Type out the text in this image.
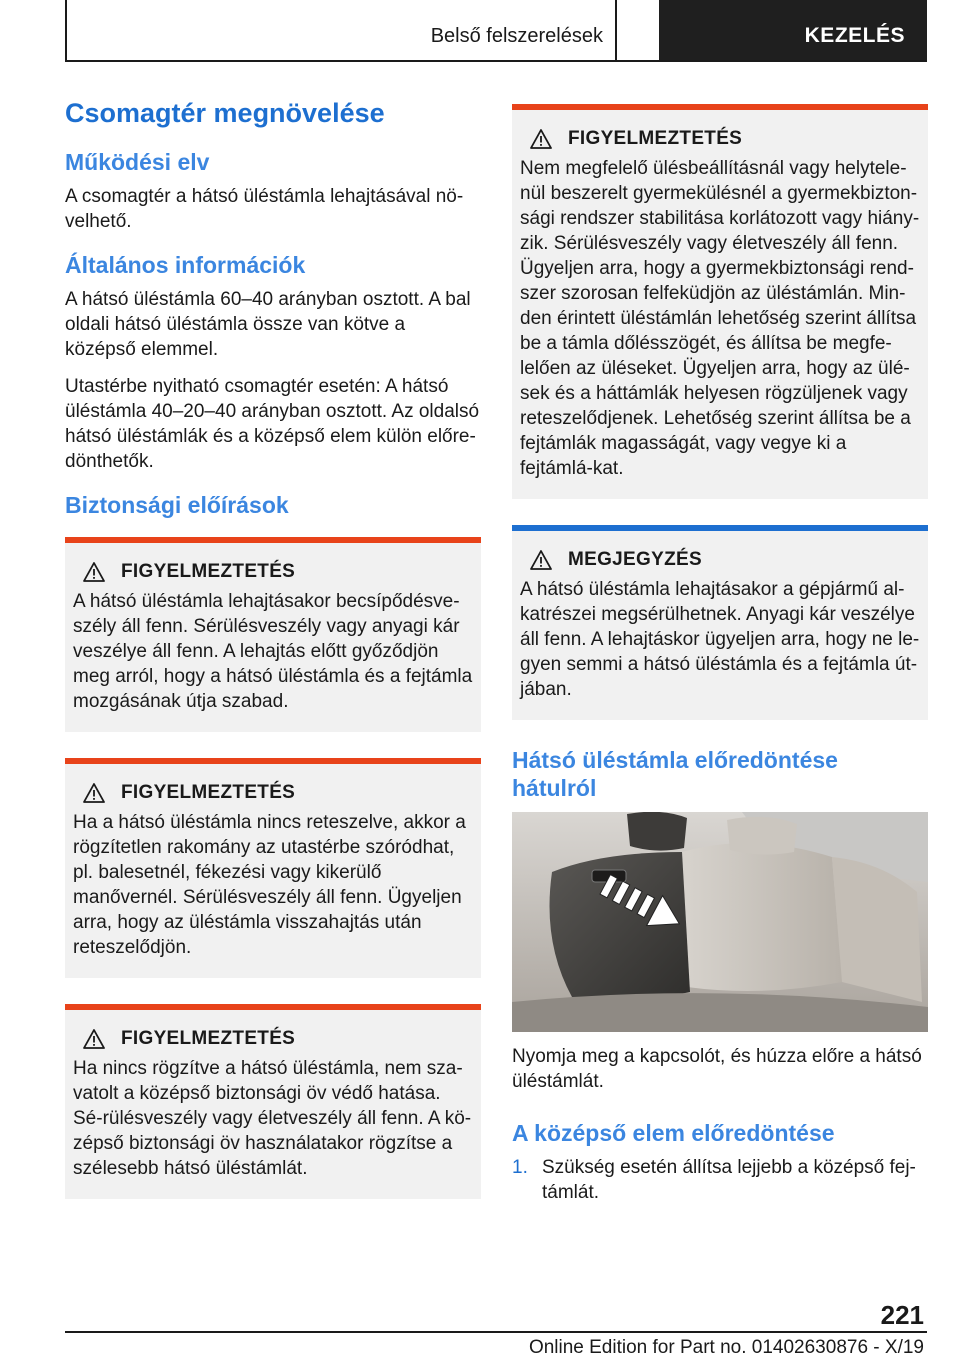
Belső felszerelések	KEZELÉS
Csomagtér megnövelése
Működési elv

A csomagtér a hátsó üléstámla lehajtásával nö-velhető.

Általános információk

A hátsó üléstámla 60–40 arányban osztott. A bal oldali hátsó üléstámla össze van kötve a középső elemmel.

Utastérbe nyitható csomagtér esetén: A hátsó üléstámla 40–20–40 arányban osztott. Az oldalsó hátsó üléstámlák és a középső elem külön előre-dönthetők.

Biztonsági előírások
FIGYELMEZTETÉS

A hátsó üléstámla lehajtásakor becsípődésve-szély áll fenn. Sérülésveszély vagy anyagi kár veszélye áll fenn. A lehajtás előtt győződjön meg arról, hogy a hátsó üléstámla és a fejtámla mozgásának útja szabad.

FIGYELMEZTETÉS

Ha a hátsó üléstámla nincs reteszelve, akkor a rögzítetlen rakomány az utastérbe szóródhat, pl. balesetnél, fékezési vagy kikerülő manővernél. Sérülésveszély áll fenn. Ügyeljen arra, hogy az üléstámla visszahajtás után reteszelődjön.

FIGYELMEZTETÉS

Ha nincs rögzítve a hátsó üléstámla, nem sza-vatolt a középső biztonsági öv védő hatása. Sé-rülésveszély vagy életveszély áll fenn. A kö-zépső biztonsági öv használatakor rögzítse a szélesebb hátsó üléstámlát.

FIGYELMEZTETÉS

Nem megfelelő ülésbeállításnál vagy helytele-nül beszerelt gyermekülésnél a gyermekbizton-sági rendszer stabilitása korlátozott vagy hiány-zik. Sérülésveszély vagy életveszély áll fenn. Ügyeljen arra, hogy a gyermekbiztonsági rend-szer szorosan felfeküdjön az üléstámlán. Min-den érintett üléstámlán lehetőség szerint állítsa be a támla dőlésszögét, és állítsa be megfe-lelően az üléseket. Ügyeljen arra, hogy az ülé-sek és a háttámlák helyesen rögzüljenek vagy reteszelődjenek. Lehetőség szerint állítsa be a fejtámlák magasságát, vagy vegye ki a fejtámlá-kat.

MEGJEGYZÉS

A hátsó üléstámla lehajtásakor a gépjármű al-katrészei megsérülhetnek. Anyagi kár veszélye áll fenn. A lehajtáskor ügyeljen arra, hogy ne le-gyen semmi a hátsó üléstámla és a fejtámla út-jában.

Hátsó üléstámla előredöntése hátulról

Nyomja meg a kapcsolót, és húzza előre a hátsó üléstámlát.

A középső elem előredöntése
1. Szükség esetén állítsa lejjebb a középső fej-támlát.
221
Online Edition for Part no. 01402630876 - X/19
